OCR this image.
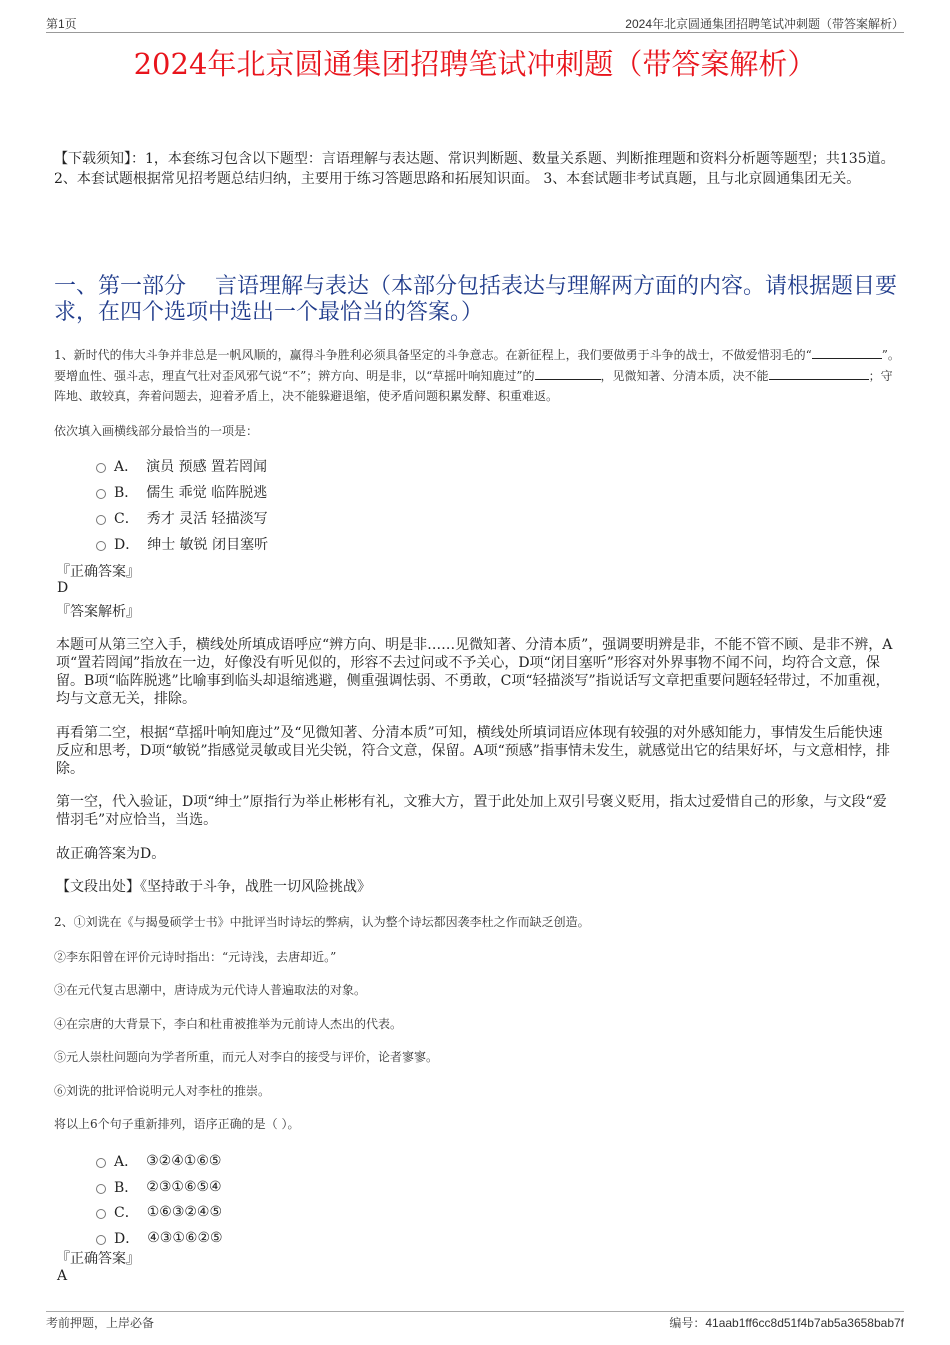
第1页	2024年北京圆通集团招聘笔试冲刺题（带答案解析）
2024年北京圆通集团招聘笔试冲刺题（带答案解析）
【下载须知】：1，本套练习包含以下题型：言语理解与表达题、常识判断题、数量关系题、判断推理题和资料分析题等题型；共135道。 2、本套试题根据常见招考题总结归纳，主要用于练习答题思路和拓展知识面。 3、本套试题非考试真题，且与北京圆通集团无关。
一、第一部分　 言语理解与表达（本部分包括表达与理解两方面的内容。请根据题目要求，在四个选项中选出一个最恰当的答案。）
1、新时代的伟大斗争并非总是一帆风顺的，赢得斗争胜利必须具备坚定的斗争意志。在新征程上，我们要做勇于斗争的战士，不做爱惜羽毛的“	”。要增血性、强斗志，理直气壮对歪风邪气说“不”；辨方向、明是非，以“草摇叶响知鹿过”的	，见微知著、分清本质，决不能	；守阵地、敢较真，奔着问题去，迎着矛盾上，决不能躲避退缩，使矛盾问题积累发酵、积重难返。
依次填入画横线部分最恰当的一项是：
A． 演员 预感 置若罔闻
B． 儒生 乖觉 临阵脱逃
C． 秀才 灵活 轻描淡写
D． 绅士 敏锐 闭目塞听
『正确答案』
D
『答案解析』
本题可从第三空入手，横线处所填成语呼应“辨方向、明是非……见微知著、分清本质”，强调要明辨是非，不能不管不顾、是非不辨，A项“置若罔闻”指放在一边，好像没有听见似的，形容不去过问或不予关心，D项“闭目塞听”形容对外界事物不闻不问，均符合文意，保留。B项“临阵脱逃”比喻事到临头却退缩逃避，侧重强调怯弱、不勇敢，C项“轻描淡写”指说话写文章把重要问题轻轻带过，不加重视，均与文意无关，排除。
再看第二空，根据“草摇叶响知鹿过”及“见微知著、分清本质”可知，横线处所填词语应体现有较强的对外感知能力，事情发生后能快速反应和思考，D项“敏锐”指感觉灵敏或目光尖锐，符合文意，保留。A项“预感”指事情未发生，就感觉出它的结果好坏，与文意相悖，排除。
第一空，代入验证，D项“绅士”原指行为举止彬彬有礼，文雅大方，置于此处加上双引号褒义贬用，指太过爱惜自己的形象，与文段“爱惜羽毛”对应恰当，当选。
故正确答案为D。
【文段出处】《坚持敢于斗争，战胜一切风险挑战》
2、①刘诜在《与揭曼硕学士书》中批评当时诗坛的弊病，认为整个诗坛都因袭李杜之作而缺乏创造。
②李东阳曾在评价元诗时指出：“元诗浅，去唐却近。”
③在元代复古思潮中，唐诗成为元代诗人普遍取法的对象。
④在宗唐的大背景下，李白和杜甫被推举为元前诗人杰出的代表。
⑤元人崇杜问题向为学者所重，而元人对李白的接受与评价，论者寥寥。
⑥刘诜的批评恰说明元人对李杜的推崇。
将以上6个句子重新排列，语序正确的是（ ）。
A． ③②④①⑥⑤
B． ②③①⑥⑤④
C． ①⑥③②④⑤
D． ④③①⑥②⑤
『正确答案』
A
考前押题，上岸必备	编号：41aab1ff6cc8d51f4b7ab5a3658bab7f
